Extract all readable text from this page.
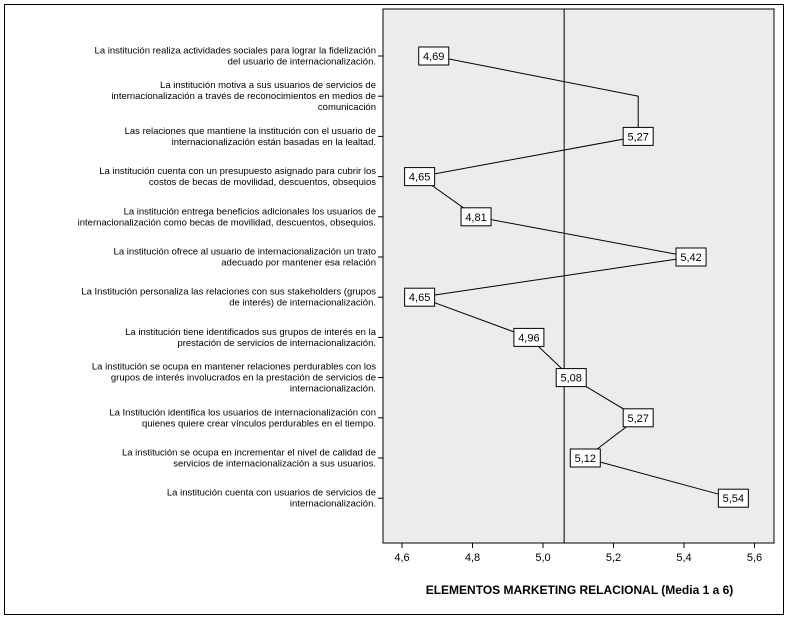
La institución realiza actividades sociales para lograr la fidelización
del usuario de internacionalización.
La institución motiva a sus usuarios de servicios de
internacionalización a través de reconocimientos en medios de
comunicación
Las relaciones que mantiene la institución con el usuario de
internacionalización están basadas en la lealtad.
La institución cuenta con un presupuesto asignado para cubrir los
costos de becas de movilidad, descuentos, obsequios
La institución entrega beneficios adicionales los usuarios de
internacionalización como becas de movilidad, descuentos, obsequios.
La institución ofrece al usuario de internacionalización un trato
adecuado por mantener esa relación
La Institución personaliza las relaciones con sus stakeholders (grupos
de interés) de internacionalización.
La institución tiene identificados sus grupos de interés en la
prestación de servicios de internacionalización.
La institución se ocupa en mantener relaciones perdurables con los
grupos de interés involucrados en la prestación de servicios de
internacionalización.
La Institución identifica los usuarios de internacionalización con
quienes quiere crear vínculos perdurables en el tiempo.
La institución se ocupa en incrementar el nivel de calidad de
servicios de internacionalización a sus usuarios.
La institución cuenta con usuarios de servicios de
internacionalización.
4,6	4,8	5,0	5,2	5,4	5,6
4,69
5,27
4,65
4,81
5,42
4,65
4,96
5,08
5,27
5,12
5,54
ELEMENTOS MARKETING RELACIONAL (Media 1 a 6)
